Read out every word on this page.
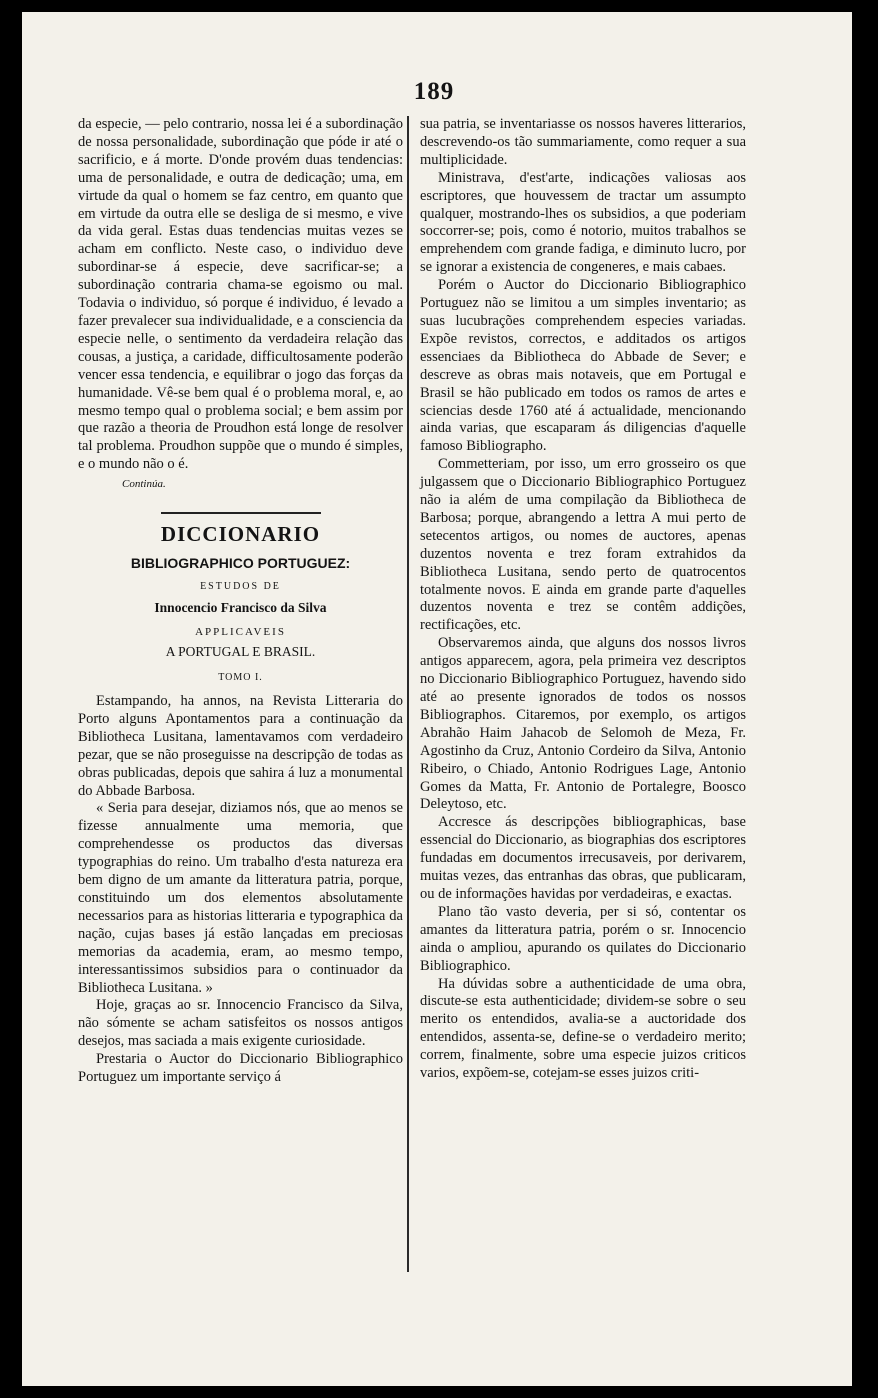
189

da especie, — pelo contrario, nossa lei é a subordinação de nossa personalidade, subordinação que póde ir até o sacrificio, e á morte. D'onde provém duas tendencias: uma de personalidade, e outra de dedicação; uma, em virtude da qual o homem se faz centro, em quanto que em virtude da outra elle se desliga de si mesmo, e vive da vida geral. Estas duas tendencias muitas vezes se acham em conflicto. Neste caso, o individuo deve subordinar-se á especie, deve sacrificar-se; a subordinação contraria chama-se egoismo ou mal. Todavia o individuo, só porque é individuo, é levado a fazer prevalecer sua individualidade, e a consciencia da especie nelle, o sentimento da verdadeira relação das cousas, a justiça, a caridade, difficultosamente poderão vencer essa tendencia, e equilibrar o jogo das forças da humanidade. Vê-se bem qual é o problema moral, e, ao mesmo tempo qual o problema social; e bem assim por que razão a theoria de Proudhon está longe de resolver tal problema. Proudhon suppõe que o mundo é simples, e o mundo não o é.

Continúa.

DICCIONARIO
BIBLIOGRAPHICO PORTUGUEZ:
ESTUDOS DE
Innocencio Francisco da Silva
APPLICAVEIS
A PORTUGAL E BRASIL.
TOMO I.

Estampando, ha annos, na Revista Litteraria do Porto alguns Apontamentos para a continuação da Bibliotheca Lusitana, lamentavamos com verdadeiro pezar, que se não proseguisse na descripção de todas as obras publicadas, depois que sahira á luz a monumental do Abbade Barbosa.

« Seria para desejar, diziamos nós, que ao menos se fizesse annualmente uma memoria, que comprehendesse os productos das diversas typographias do reino. Um trabalho d'esta natureza era bem digno de um amante da litteratura patria, porque, constituindo um dos elementos absolutamente necessarios para as historias litteraria e typographica da nação, cujas bases já estão lançadas em preciosas memorias da academia, eram, ao mesmo tempo, interessantissimos subsidios para o continuador da Bibliotheca Lusitana. »

Hoje, graças ao sr. Innocencio Francisco da Silva, não sómente se acham satisfeitos os nossos antigos desejos, mas saciada a mais exigente curiosidade.

Prestaria o Auctor do Diccionario Bibliographico Portuguez um importante serviço á

sua patria, se inventariasse os nossos haveres litterarios, descrevendo-os tão summariamente, como requer a sua multiplicidade.

Ministrava, d'est'arte, indicações valiosas aos escriptores, que houvessem de tractar um assumpto qualquer, mostrando-lhes os subsidios, a que poderiam soccorrer-se; pois, como é notorio, muitos trabalhos se emprehendem com grande fadiga, e diminuto lucro, por se ignorar a existencia de congeneres, e mais cabaes.

Porém o Auctor do Diccionario Bibliographico Portuguez não se limitou a um simples inventario; as suas lucubrações comprehendem especies variadas. Expõe revistos, correctos, e additados os artigos essenciaes da Bibliotheca do Abbade de Sever; e descreve as obras mais notaveis, que em Portugal e Brasil se hão publicado em todos os ramos de artes e sciencias desde 1760 até á actualidade, mencionando ainda varias, que escaparam ás diligencias d'aquelle famoso Bibliographo.

Commetteriam, por isso, um erro grosseiro os que julgassem que o Diccionario Bibliographico Portuguez não ia além de uma compilação da Bibliotheca de Barbosa; porque, abrangendo a lettra A mui perto de setecentos artigos, ou nomes de auctores, apenas duzentos noventa e trez foram extrahidos da Bibliotheca Lusitana, sendo perto de quatrocentos totalmente novos. E ainda em grande parte d'aquelles duzentos noventa e trez se contêm addições, rectificações, etc.

Observaremos ainda, que alguns dos nossos livros antigos apparecem, agora, pela primeira vez descriptos no Diccionario Bibliographico Portuguez, havendo sido até ao presente ignorados de todos os nossos Bibliographos. Citaremos, por exemplo, os artigos Abrahão Haim Jahacob de Selomoh de Meza, Fr. Agostinho da Cruz, Antonio Cordeiro da Silva, Antonio Ribeiro, o Chiado, Antonio Rodrigues Lage, Antonio Gomes da Matta, Fr. Antonio de Portalegre, Boosco Deleytoso, etc.

Accresce ás descripções bibliographicas, base essencial do Diccionario, as biographias dos escriptores fundadas em documentos irrecusaveis, por derivarem, muitas vezes, das entranhas das obras, que publicaram, ou de informações havidas por verdadeiras, e exactas.

Plano tão vasto deveria, per si só, contentar os amantes da litteratura patria, porém o sr. Innocencio ainda o ampliou, apurando os quilates do Diccionario Bibliographico.

Ha dúvidas sobre a authenticidade de uma obra, discute-se esta authenticidade; dividem-se sobre o seu merito os entendidos, avalia-se a auctoridade dos entendidos, assenta-se, define-se o verdadeiro merito; correm, finalmente, sobre uma especie juizos criticos varios, expõem-se, cotejam-se esses juizos criti-
